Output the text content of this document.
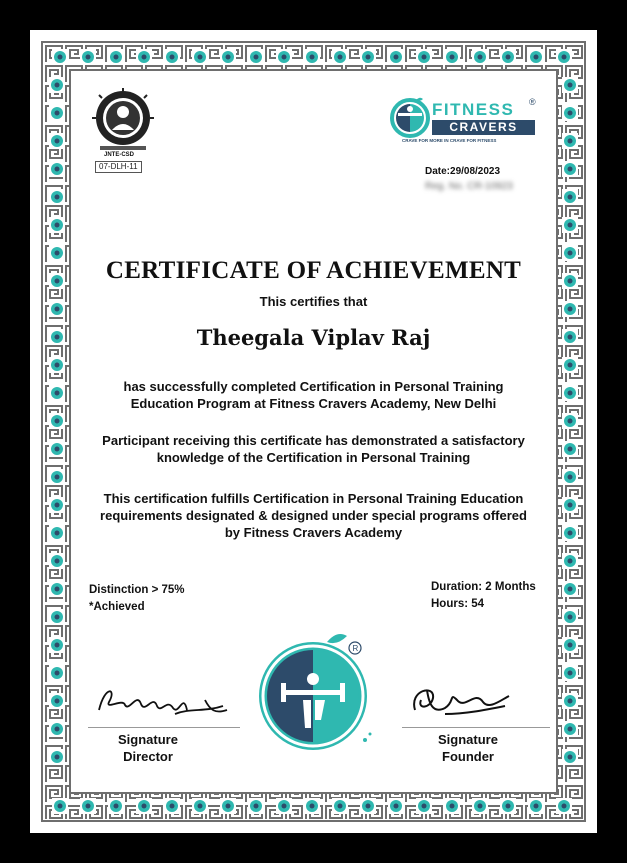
JNTE-CSD
07-DLH-11
FITNESS ®
CRAVERS
CRAVE FOR MORE IN CRAVE FOR FITNESS
Date:29/08/2023
Reg. No. CR-10923
CERTIFICATE OF ACHIEVEMENT
This certifies that
Theegala Viplav Raj
has successfully completed Certification in Personal Training
Education Program at Fitness Cravers Academy, New Delhi
Participant receiving this certificate has demonstrated a satisfactory
knowledge of the Certification in Personal Training
This certification fulfills Certification in Personal Training Education
requirements designated & designed under special programs offered
by Fitness Cravers Academy
Distinction > 75%
*Achieved
Duration: 2 Months
Hours: 54
R
Signature
Director
Signature
Founder
